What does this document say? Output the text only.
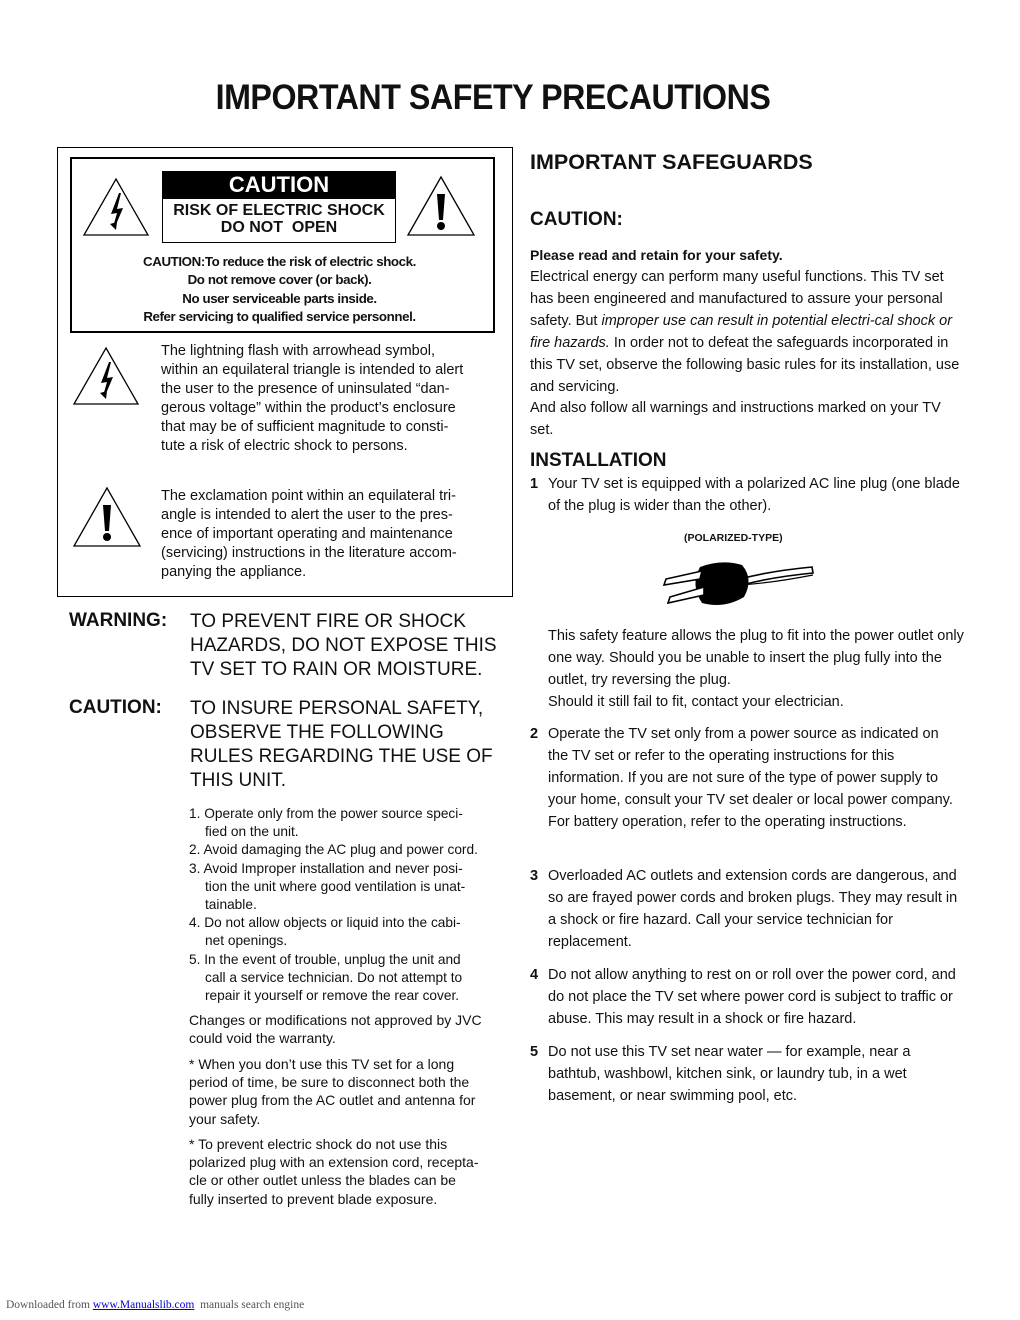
IMPORTANT SAFETY PRECAUTIONS
CAUTION
RISK OF ELECTRIC SHOCK
DO NOT  OPEN
CAUTION:To reduce the risk of electric shock.
Do not remove cover (or back).
No user serviceable parts inside.
Refer servicing to qualified service personnel.
The lightning flash with arrowhead symbol,
within an equilateral triangle is intended to alert
the user to the presence of uninsulated “dan-
gerous voltage” within the product’s enclosure
that may be of sufficient magnitude to consti-
tute a risk of electric shock to persons.
The exclamation point within an equilateral tri-
angle is intended to alert the user to the pres-
ence of important operating and maintenance
(servicing) instructions in the literature accom-
panying the appliance.
WARNING: TO PREVENT FIRE OR SHOCK
HAZARDS, DO NOT EXPOSE THIS
TV SET TO RAIN OR MOISTURE.
CAUTION: TO INSURE PERSONAL SAFETY,
OBSERVE THE FOLLOWING
RULES REGARDING THE USE OF
THIS UNIT.
1. Operate only from the power source speci-
fied on the unit.
2. Avoid damaging the AC plug and power cord.
3. Avoid Improper installation and never posi-
tion the unit where good ventilation is unat-
tainable.
4. Do not allow objects or liquid into the cabi-
net openings.
5. In the event of trouble, unplug the unit and
call a service technician. Do not attempt to
repair it yourself or remove the rear cover.
Changes or modifications not approved by JVC
could void the warranty.
* When you don’t use this TV set for a long
period of time, be sure to disconnect both the
power plug from the AC outlet and antenna for
your safety.
* To prevent electric shock do not use this
polarized plug with an extension cord, recepta-
cle or other outlet unless the blades can be
fully inserted to prevent blade exposure.
IMPORTANT SAFEGUARDS
CAUTION:
Please read and retain for your safety.
Electrical energy can perform many useful functions. This TV set has been engineered and manufactured to assure your personal safety. But improper use can result in potential electri-cal shock or fire hazards. In order not to defeat the safeguards incorporated in this TV set, observe the following basic rules for its installation, use and servicing.
And also follow all warnings and instructions marked on your TV set.
INSTALLATION
1 Your TV set is equipped with a polarized AC line plug (one blade of the plug is wider than the other).
(POLARIZED-TYPE)
This safety feature allows the plug to fit into the power outlet only one way. Should you be unable to insert the plug fully into the outlet, try reversing the plug.
Should it still fail to fit, contact your electrician.
2 Operate the TV set only from a power source as indicated on the TV set or refer to the operating instructions for this information. If you are not sure of the type of power supply to your home, consult your TV set dealer or local power company. For battery operation, refer to the operating instructions.
3 Overloaded AC outlets and extension cords are dangerous, and so are frayed power cords and broken plugs. They may result in a shock or fire hazard. Call your service technician for replacement.
4 Do not allow anything to rest on or roll over the power cord, and do not place the TV set where power cord is subject to traffic or abuse. This may result in a shock or fire hazard.
5 Do not use this TV set near water — for example, near a bathtub, washbowl, kitchen sink, or laundry tub, in a wet basement, or near swimming pool, etc.
Downloaded from www.Manualslib.com  manuals search engine
